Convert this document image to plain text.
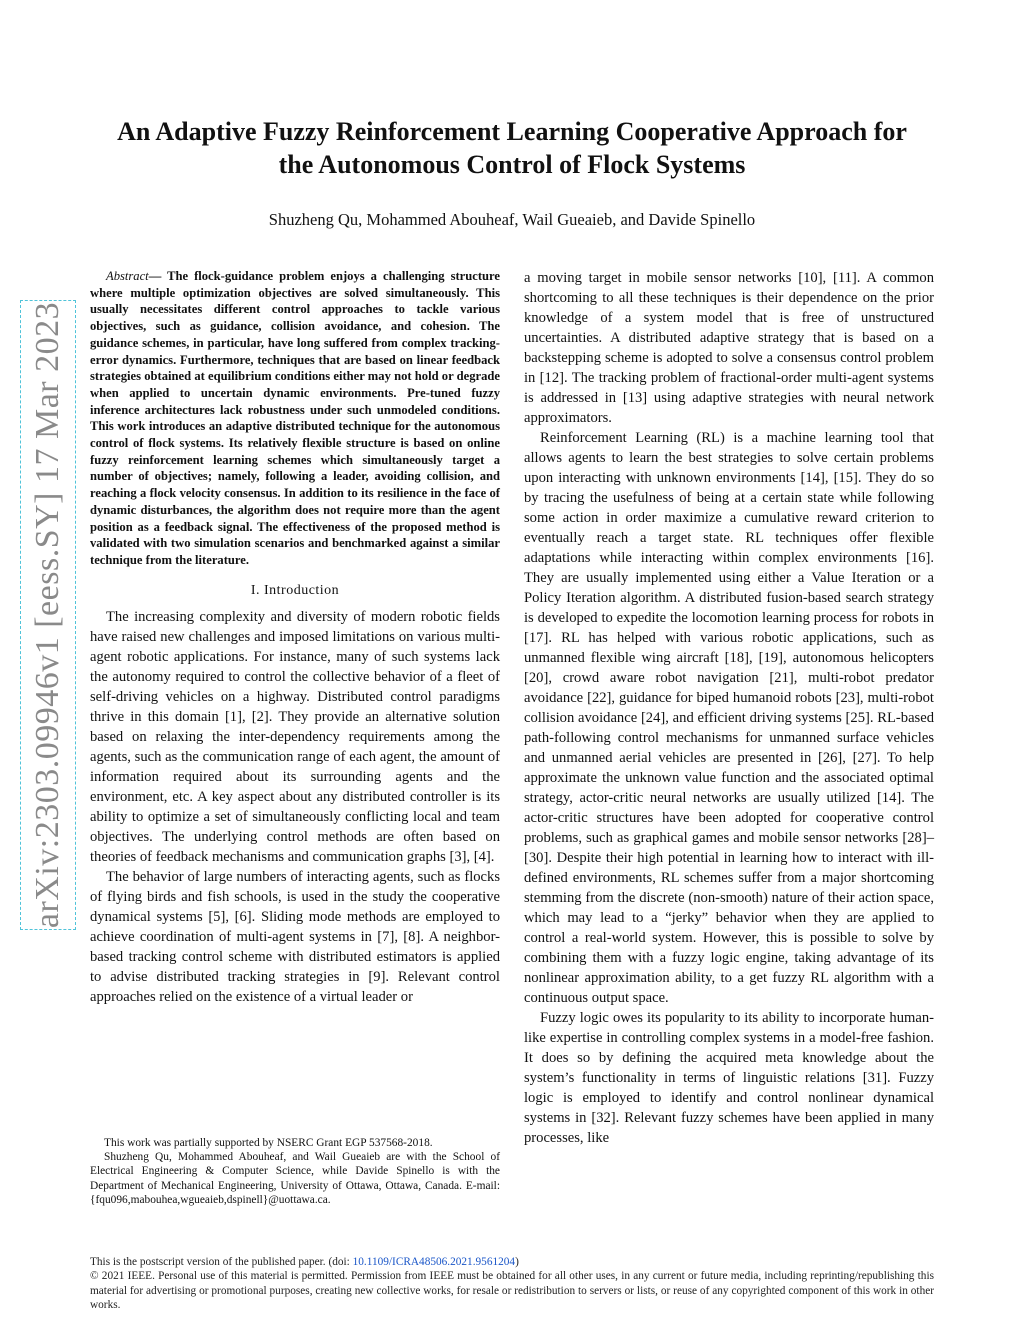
arXiv:2303.09946v1 [eess.SY] 17 Mar 2023
An Adaptive Fuzzy Reinforcement Learning Cooperative Approach for
the Autonomous Control of Flock Systems
Shuzheng Qu, Mohammed Abouheaf, Wail Gueaieb, and Davide Spinello

Abstract— The flock-guidance problem enjoys a challenging structure where multiple optimization objectives are solved simultaneously. This usually necessitates different control approaches to tackle various objectives, such as guidance, collision avoidance, and cohesion. The guidance schemes, in particular, have long suffered from complex tracking-error dynamics. Furthermore, techniques that are based on linear feedback strategies obtained at equilibrium conditions either may not hold or degrade when applied to uncertain dynamic environments. Pre-tuned fuzzy inference architectures lack robustness under such unmodeled conditions. This work introduces an adaptive distributed technique for the autonomous control of flock systems. Its relatively flexible structure is based on online fuzzy reinforcement learning schemes which simultaneously target a number of objectives; namely, following a leader, avoiding collision, and reaching a flock velocity consensus. In addition to its resilience in the face of dynamic disturbances, the algorithm does not require more than the agent position as a feedback signal. The effectiveness of the proposed method is validated with two simulation scenarios and benchmarked against a similar technique from the literature.

I. Introduction

The increasing complexity and diversity of modern robotic fields have raised new challenges and imposed limitations on various multi-agent robotic applications. For instance, many of such systems lack the autonomy required to control the collective behavior of a fleet of self-driving vehicles on a highway. Distributed control paradigms thrive in this domain [1], [2]. They provide an alternative solution based on relaxing the inter-dependency requirements among the agents, such as the communication range of each agent, the amount of information required about its surrounding agents and the environment, etc. A key aspect about any distributed controller is its ability to optimize a set of simultaneously conflicting local and team objectives. The underlying control methods are often based on theories of feedback mechanisms and communication graphs [3], [4].

The behavior of large numbers of interacting agents, such as flocks of flying birds and fish schools, is used in the study the cooperative dynamical systems [5], [6]. Sliding mode methods are employed to achieve coordination of multi-agent systems in [7], [8]. A neighbor-based tracking control scheme with distributed estimators is applied to advise distributed tracking strategies in [9]. Relevant control approaches relied on the existence of a virtual leader or

This work was partially supported by NSERC Grant EGP 537568-2018.
Shuzheng Qu, Mohammed Abouheaf, and Wail Gueaieb are with the School of Electrical Engineering & Computer Science, while Davide Spinello is with the Department of Mechanical Engineering, University of Ottawa, Ottawa, Canada. E-mail: {fqu096,mabouhea,wgueaieb,dspinell}@uottawa.ca.

a moving target in mobile sensor networks [10], [11]. A common shortcoming to all these techniques is their dependence on the prior knowledge of a system model that is free of unstructured uncertainties. A distributed adaptive strategy that is based on a backstepping scheme is adopted to solve a consensus control problem in [12]. The tracking problem of fractional-order multi-agent systems is addressed in [13] using adaptive strategies with neural network approximators.

Reinforcement Learning (RL) is a machine learning tool that allows agents to learn the best strategies to solve certain problems upon interacting with unknown environments [14], [15]. They do so by tracing the usefulness of being at a certain state while following some action in order maximize a cumulative reward criterion to eventually reach a target state. RL techniques offer flexible adaptations while interacting within complex environments [16]. They are usually implemented using either a Value Iteration or a Policy Iteration algorithm. A distributed fusion-based search strategy is developed to expedite the locomotion learning process for robots in [17]. RL has helped with various robotic applications, such as unmanned flexible wing aircraft [18], [19], autonomous helicopters [20], crowd aware robot navigation [21], multi-robot predator avoidance [22], guidance for biped humanoid robots [23], multi-robot collision avoidance [24], and efficient driving systems [25]. RL-based path-following control mechanisms for unmanned surface vehicles and unmanned aerial vehicles are presented in [26], [27]. To help approximate the unknown value function and the associated optimal strategy, actor-critic neural networks are usually utilized [14]. The actor-critic structures have been adopted for cooperative control problems, such as graphical games and mobile sensor networks [28]–[30]. Despite their high potential in learning how to interact with ill-defined environments, RL schemes suffer from a major shortcoming stemming from the discrete (non-smooth) nature of their action space, which may lead to a “jerky” behavior when they are applied to control a real-world system. However, this is possible to solve by combining them with a fuzzy logic engine, taking advantage of its nonlinear approximation ability, to a get fuzzy RL algorithm with a continuous output space.

Fuzzy logic owes its popularity to its ability to incorporate human-like expertise in controlling complex systems in a model-free fashion. It does so by defining the acquired meta knowledge about the system’s functionality in terms of linguistic relations [31]. Fuzzy logic is employed to identify and control nonlinear dynamical systems in [32]. Relevant fuzzy schemes have been applied in many processes, like

This is the postscript version of the published paper. (doi: 10.1109/ICRA48506.2021.9561204)
© 2021 IEEE. Personal use of this material is permitted. Permission from IEEE must be obtained for all other uses, in any current or future media, including reprinting/republishing this material for advertising or promotional purposes, creating new collective works, for resale or redistribution to servers or lists, or reuse of any copyrighted component of this work in other works.
